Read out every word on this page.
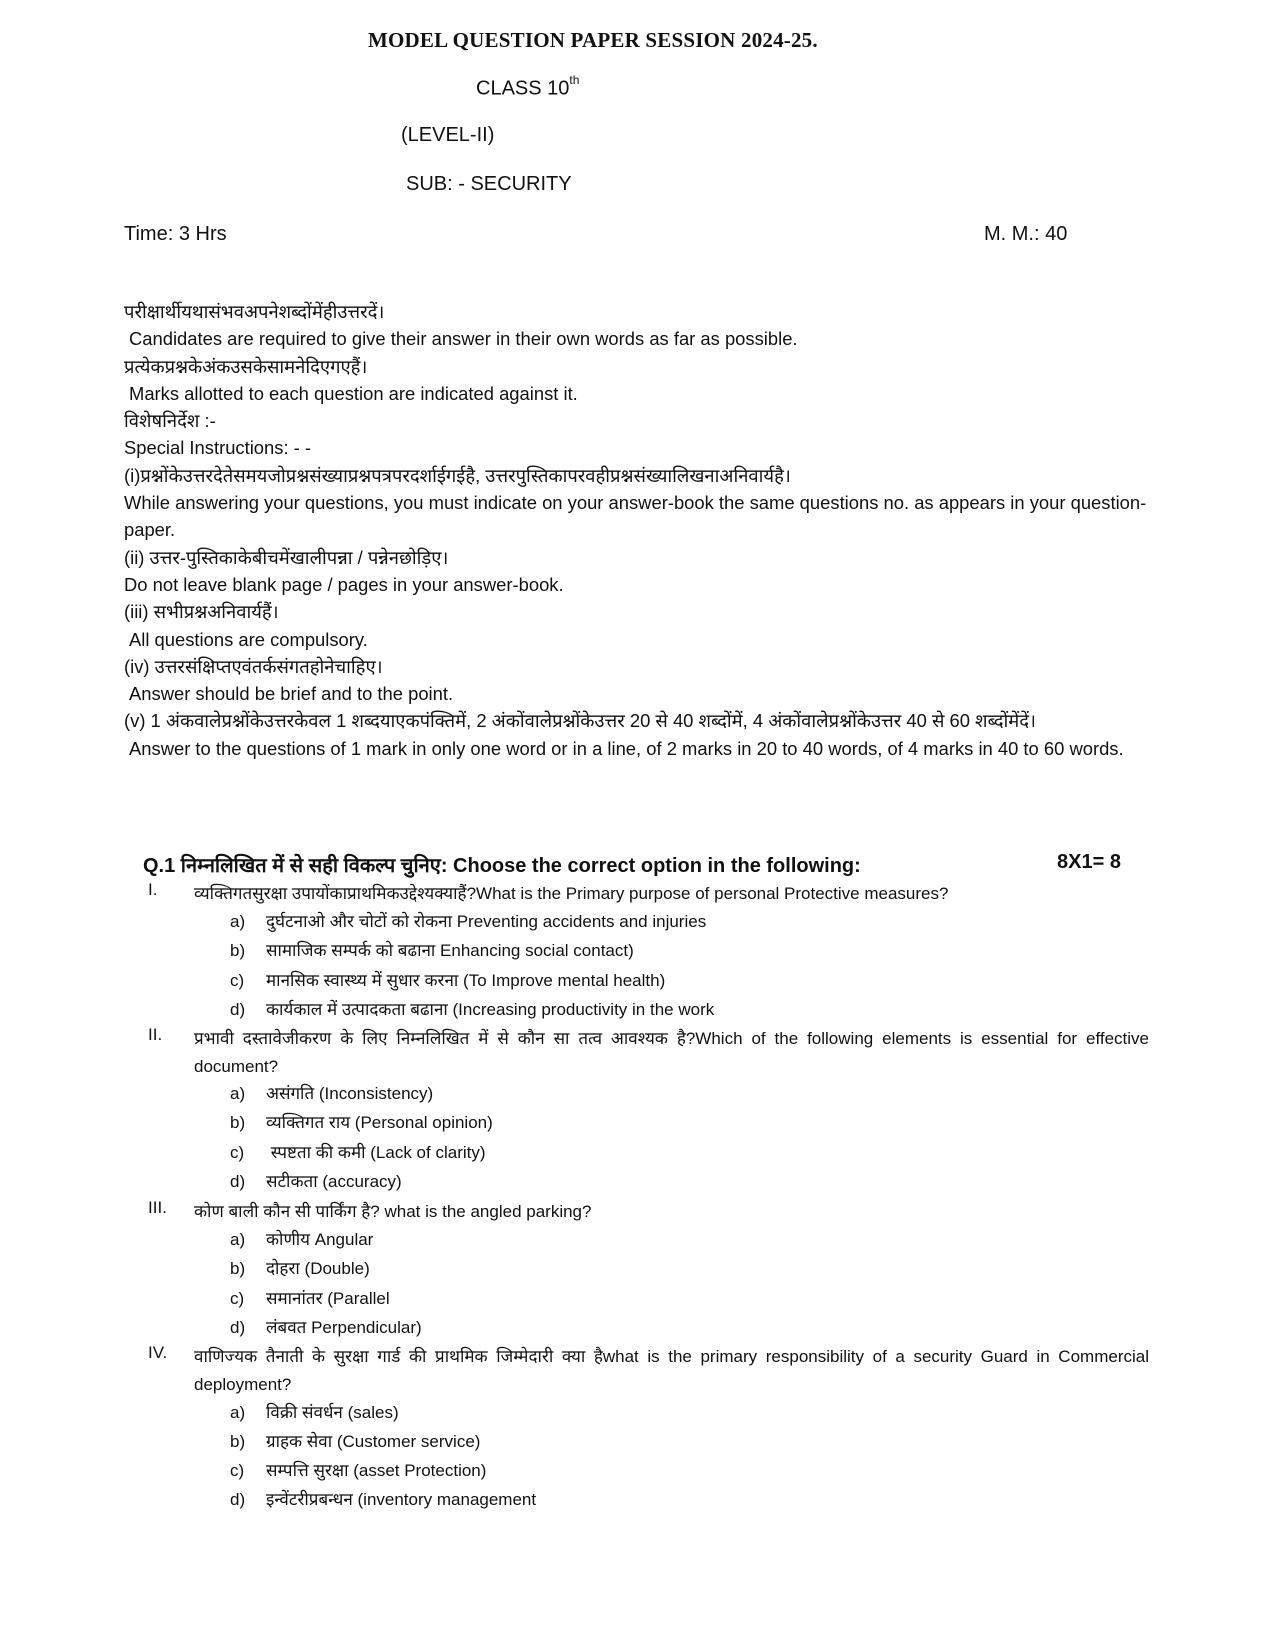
MODEL QUESTION PAPER SESSION 2024-25.
CLASS 10th
(LEVEL-II)
SUB: - SECURITY
Time: 3 Hrs	M. M.: 40
परीक्षार्थीयथासंभवअपनेशब्दोंमेंहीउत्तरदें।
Candidates are required to give their answer in their own words as far as possible.
प्रत्येकप्रश्नकेअंकउसकेसामनेदिएगएहैं।
Marks allotted to each question are indicated against it.
विशेषनिर्देश :-
Special Instructions: - -
(i)प्रश्नोंकेउत्तरदेतेसमयजोप्रश्नसंख्याप्रश्नपत्रपरदर्शाईगईहै, उत्तरपुस्तिकापरवहीप्रश्नसंख्यालिखनाअनिवार्यहै।
While answering your questions, you must indicate on your answer-book the same questions no. as appears in your question-paper.
(ii) उत्तर-पुस्तिकाकेबीचमेंखालीपन्ना / पन्नेनछोड़िए।
Do not leave blank page / pages in your answer-book.
(iii) सभीप्रश्नअनिवार्यहैं।
All questions are compulsory.
(iv) उत्तरसंक्षिप्तएवंतर्कसंगतहोनेचाहिए।
Answer should be brief and to the point.
(v) 1 अंकवालेप्रश्नोंकेउत्तरकेवल 1 शब्दयाएकपंक्तिमें, 2 अंकोंवालेप्रश्नोंकेउत्तर 20 से 40 शब्दोंमें, 4 अंकोंवालेप्रश्नोंकेउत्तर 40 से 60 शब्दोंमेंदें।
Answer to the questions of 1 mark in only one word or in a line, of 2 marks in 20 to 40 words, of 4 marks in 40 to 60 words.
Q.1 निम्नलिखित में से सही विकल्प चुनिए: Choose the correct option in the following:	8X1= 8
I.	व्यक्तिगतसुरक्षा उपायोंकाप्राथमिकउद्देश्यक्याहैं?What is the Primary purpose of personal Protective measures?
a) दुर्घटनाओ और चोटों को रोकना Preventing accidents and injuries
b) सामाजिक सम्पर्क को बढाना Enhancing social contact)
c) मानसिक स्वास्थ्य में सुधार करना (To Improve mental health)
d) कार्यकाल में उत्पादकता बढाना (Increasing productivity in the work
II.	प्रभावी दस्तावेजीकरण के लिए निम्नलिखित में से कौन सा तत्व आवश्यक है?Which of the following elements is essential for effective document?
a) असंगति (Inconsistency)
b) व्यक्तिगत राय (Personal opinion)
c) स्पष्टता की कमी (Lack of clarity)
d) सटीकता (accuracy)
III.	कोण बाली कौन सी पार्किंग है? what is the angled parking?
a) कोणीय Angular
b) दोहरा (Double)
c) समानांतर (Parallel
d) लंबवत Perpendicular)
IV.	वाणिज्यक तैनाती के सुरक्षा गार्ड की प्राथमिक जिम्मेदारी क्या हैwhat is the primary responsibility of a security Guard in Commercial deployment?
a) विक्री संवर्धन (sales)
b) ग्राहक सेवा (Customer service)
c) सम्पत्ति सुरक्षा (asset Protection)
d) इन्वेंटरीप्रबन्धन (inventory management
